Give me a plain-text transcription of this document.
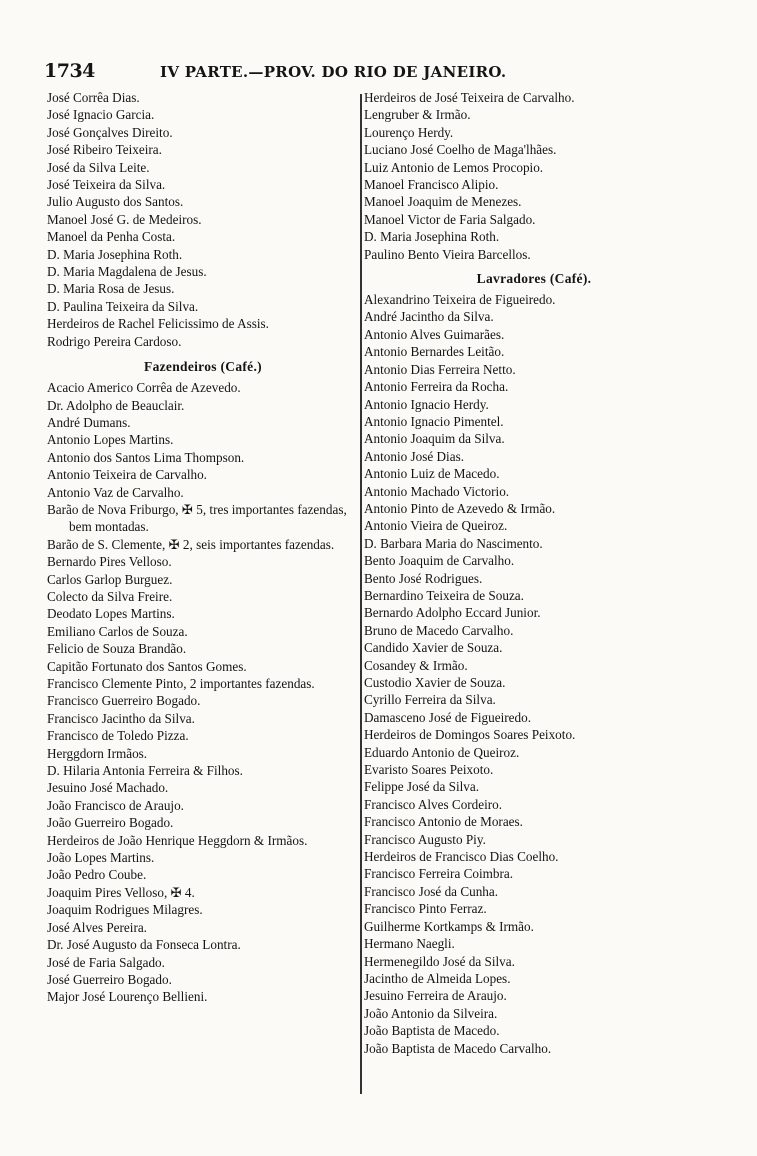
1734	IV PARTE.—PROV. DO RIO DE JANEIRO.
José Corrêa Dias.
José Ignacio Garcia.
José Gonçalves Direito.
José Ribeiro Teixeira.
José da Silva Leite.
José Teixeira da Silva.
Julio Augusto dos Santos.
Manoel José G. de Medeiros.
Manoel da Penha Costa.
D. Maria Josephina Roth.
D. Maria Magdalena de Jesus.
D. Maria Rosa de Jesus.
D. Paulina Teixeira da Silva.
Herdeiros de Rachel Felicissimo de Assis.
Rodrigo Pereira Cardoso.
Fazendeiros (Café.)
Acacio Americo Corrêa de Azevedo.
Dr. Adolpho de Beauclair.
André Dumans.
Antonio Lopes Martins.
Antonio dos Santos Lima Thompson.
Antonio Teixeira de Carvalho.
Antonio Vaz de Carvalho.
Barão de Nova Friburgo, ✠ 5, tres importantes fazendas, bem montadas.
Barão de S. Clemente, ✠ 2, seis importantes fazendas.
Bernardo Pires Velloso.
Carlos Garlop Burguez.
Colecto da Silva Freire.
Deodato Lopes Martins.
Emiliano Carlos de Souza.
Felicio de Souza Brandão.
Capitão Fortunato dos Santos Gomes.
Francisco Clemente Pinto, 2 importantes fazendas.
Francisco Guerreiro Bogado.
Francisco Jacintho da Silva.
Francisco de Toledo Pizza.
Herggdorn Irmãos.
D. Hilaria Antonia Ferreira & Filhos.
Jesuino José Machado.
João Francisco de Araujo.
João Guerreiro Bogado.
Herdeiros de João Henrique Heggdorn & Irmãos.
João Lopes Martins.
João Pedro Coube.
Joaquim Pires Velloso, ✠ 4.
Joaquim Rodrigues Milagres.
José Alves Pereira.
Dr. José Augusto da Fonseca Lontra.
José de Faria Salgado.
José Guerreiro Bogado.
Major José Lourenço Bellieni.
Herdeiros de José Teixeira de Carvalho.
Lengruber & Irmão.
Lourenço Herdy.
Luciano José Coelho de Maga'lhães.
Luiz Antonio de Lemos Procopio.
Manoel Francisco Alipio.
Manoel Joaquim de Menezes.
Manoel Victor de Faria Salgado.
D. Maria Josephina Roth.
Paulino Bento Vieira Barcellos.
Lavradores (Café).
Alexandrino Teixeira de Figueiredo.
André Jacintho da Silva.
Antonio Alves Guimarães.
Antonio Bernardes Leitão.
Antonio Dias Ferreira Netto.
Antonio Ferreira da Rocha.
Antonio Ignacio Herdy.
Antonio Ignacio Pimentel.
Antonio Joaquim da Silva.
Antonio José Dias.
Antonio Luiz de Macedo.
Antonio Machado Victorio.
Antonio Pinto de Azevedo & Irmão.
Antonio Vieira de Queiroz.
D. Barbara Maria do Nascimento.
Bento Joaquim de Carvalho.
Bento José Rodrigues.
Bernardino Teixeira de Souza.
Bernardo Adolpho Eccard Junior.
Bruno de Macedo Carvalho.
Candido Xavier de Souza.
Cosandey & Irmão.
Custodio Xavier de Souza.
Cyrillo Ferreira da Silva.
Damasceno José de Figueiredo.
Herdeiros de Domingos Soares Peixoto.
Eduardo Antonio de Queiroz.
Evaristo Soares Peixoto.
Felippe José da Silva.
Francisco Alves Cordeiro.
Francisco Antonio de Moraes.
Francisco Augusto Piy.
Herdeiros de Francisco Dias Coelho.
Francisco Ferreira Coimbra.
Francisco José da Cunha.
Francisco Pinto Ferraz.
Guilherme Kortkamps & Irmão.
Hermano Naegli.
Hermenegildo José da Silva.
Jacintho de Almeida Lopes.
Jesuino Ferreira de Araujo.
João Antonio da Silveira.
João Baptista de Macedo.
João Baptista de Macedo Carvalho.
